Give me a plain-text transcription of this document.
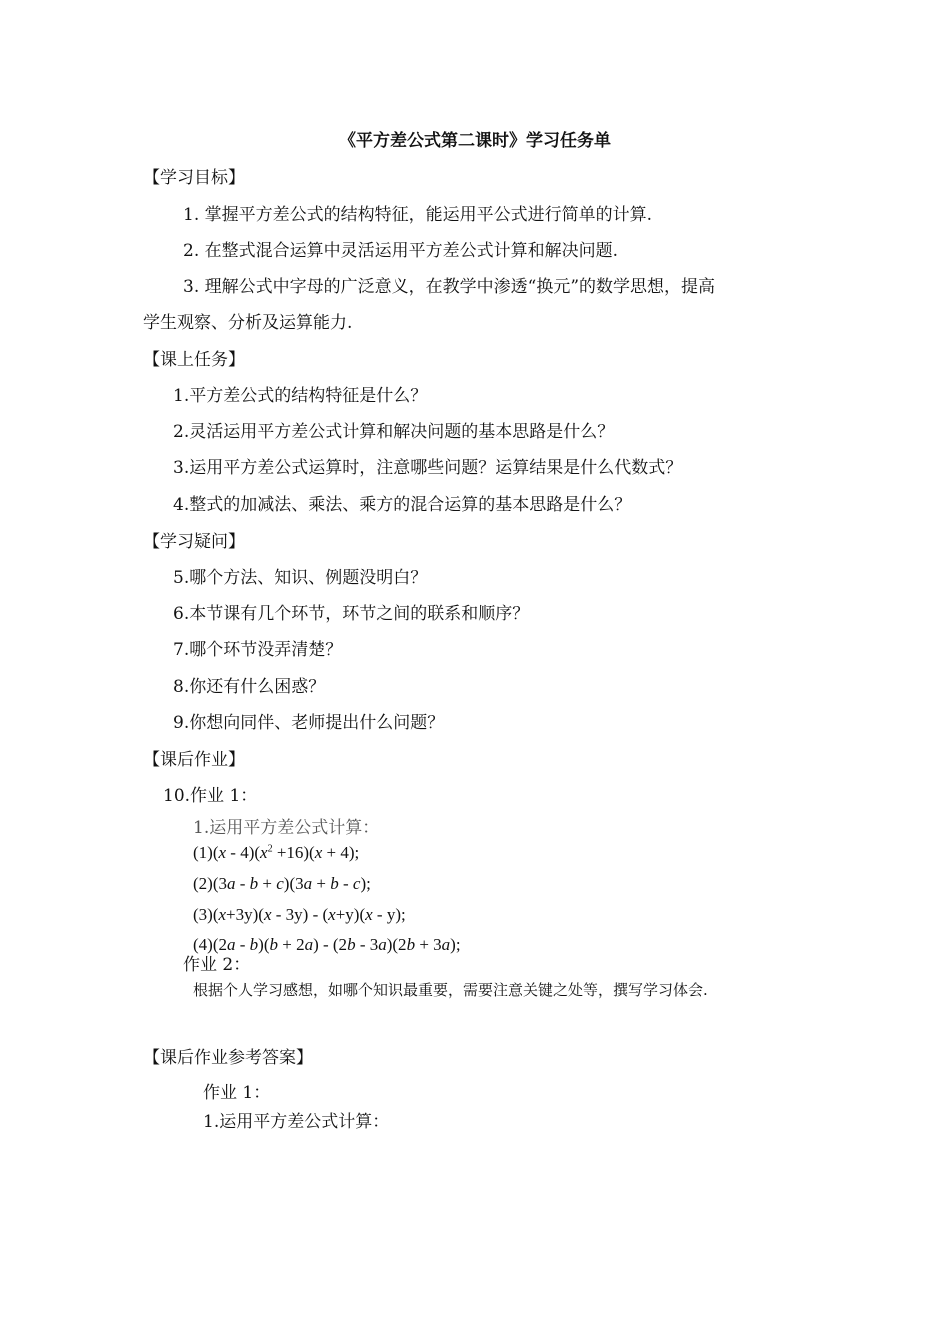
《平方差公式第二课时》学习任务单
【学习目标】
1. 掌握平方差公式的结构特征，能运用平公式进行简单的计算.
2. 在整式混合运算中灵活运用平方差公式计算和解决问题.
3. 理解公式中字母的广泛意义，在教学中渗透“换元”的数学思想，提高
学生观察、分析及运算能力.
【课上任务】
1.平方差公式的结构特征是什么？
2.灵活运用平方差公式计算和解决问题的基本思路是什么？
3.运用平方差公式运算时，注意哪些问题？运算结果是什么代数式？
4.整式的加减法、乘法、乘方的混合运算的基本思路是什么？
【学习疑问】
5.哪个方法、知识、例题没明白？
6.本节课有几个环节，环节之间的联系和顺序？
7.哪个环节没弄清楚？
8.你还有什么困惑？
9.你想向同伴、老师提出什么问题？
【课后作业】
10.作业 1：
1.运用平方差公式计算：
$(1)(x - 4)(x^2 +16)(x + 4)$;
(2)(3a - b + c)(3a + b - c);
(3)(x+3y)(x - 3y) - (x+y)(x - y);
(4)(2a - b)(b + 2a) - (2b - 3a)(2b + 3a);
作业 2：
根据个人学习感想，如哪个知识最重要，需要注意关键之处等，撰写学习体会.
【课后作业参考答案】
作业 1：
1.运用平方差公式计算：
